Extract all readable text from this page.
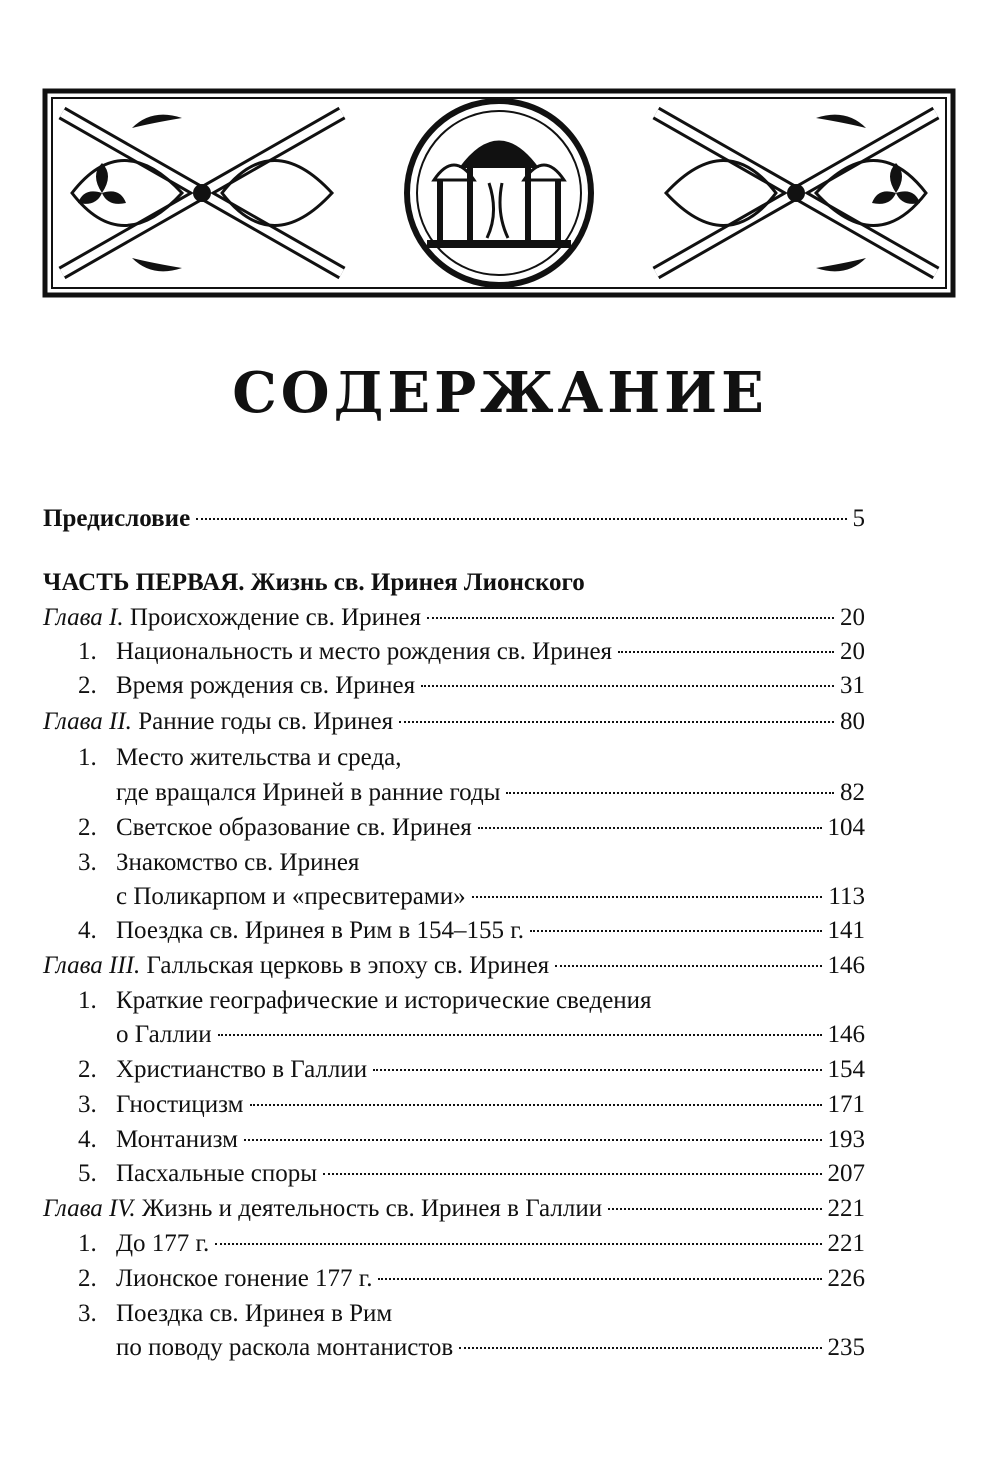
СОДЕРЖАНИЕ
Предисловие	5
ЧАСТЬ ПЕРВАЯ. Жизнь св. Иринея Лионского
Глава I. Происхождение св. Иринея	20
1. Национальность и место рождения св. Иринея	20
2. Время рождения св. Иринея	31
Глава II. Ранние годы св. Иринея	80
1. Место жительства и среда,
где вращался Ириней в ранние годы	82
2. Светское образование св. Иринея	104
3. Знакомство св. Иринея
с Поликарпом и «пресвитерами»	113
4. Поездка св. Иринея в Рим в 154–155 г.	141
Глава III. Галльская церковь в эпоху св. Иринея	146
1. Краткие географические и исторические сведения
о Галлии	146
2. Христианство в Галлии	154
3. Гностицизм	171
4. Монтанизм	193
5. Пасхальные споры	207
Глава IV. Жизнь и деятельность св. Иринея в Галлии	221
1. До 177 г.	221
2. Лионское гонение 177 г.	226
3. Поездка св. Иринея в Рим
по поводу раскола монтанистов	235
